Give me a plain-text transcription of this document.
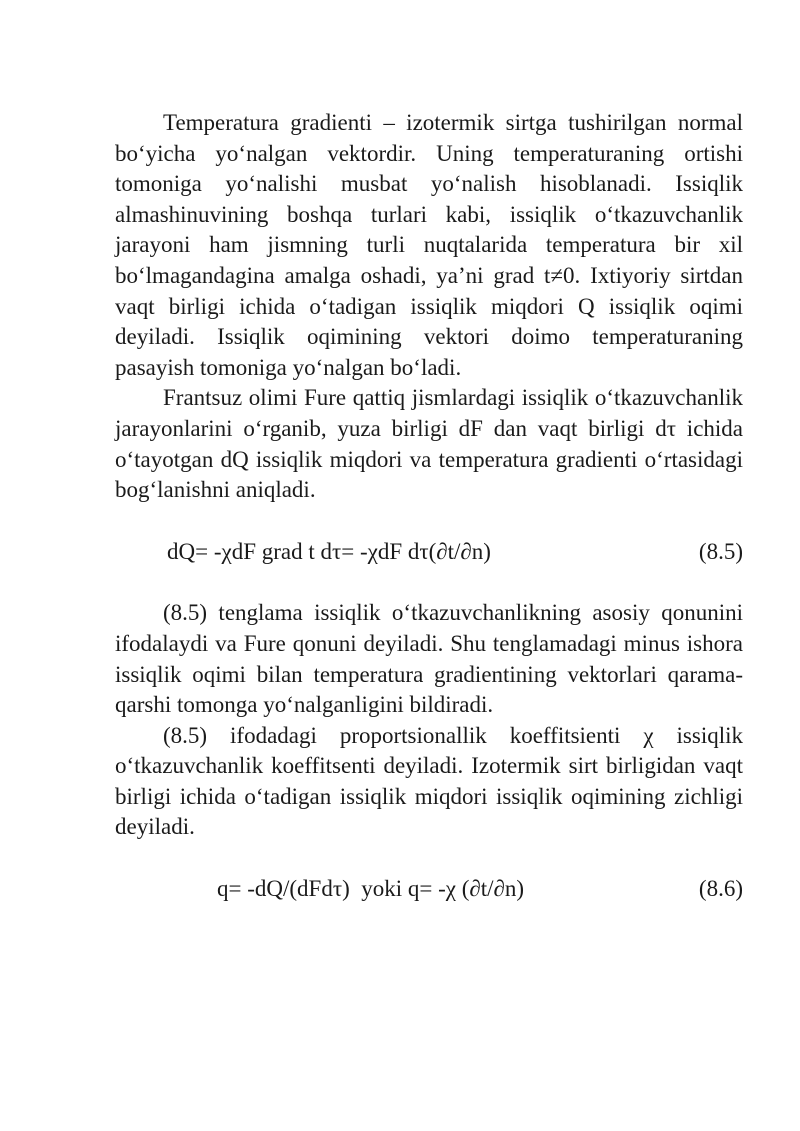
Temperatura gradienti – izotermik sirtga tushirilgan normal bo‘yicha yo‘nalgan vektordir. Uning temperaturaning ortishi tomoniga yo‘nalishi musbat yo‘nalish hisoblanadi. Issiqlik almashinuvining boshqa turlari kabi, issiqlik o‘tkazuvchanlik jarayoni ham jismning turli nuqtalarida temperatura bir xil bo‘lmagandagina amalga oshadi, ya’ni grad t≠0. Ixtiyoriy sirtdan vaqt birligi ichida o‘tadigan issiqlik miqdori Q issiqlik oqimi deyiladi. Issiqlik oqimining vektori doimo temperaturaning pasayish tomoniga yo‘nalgan bo‘ladi.

Frantsuz olimi Fure qattiq jismlardagi issiqlik o‘tkazuvchanlik jarayonlarini o‘rganib, yuza birligi dF dan vaqt birligi dτ ichida o‘tayotgan dQ issiqlik miqdori va temperatura gradienti o‘rtasidagi bog‘lanishni aniqladi.

dQ= -χdF grad t dτ= -χdF dτ(∂t/∂n)	(8.5)

(8.5) tenglama issiqlik o‘tkazuvchanlikning asosiy qonunini ifodalaydi va Fure qonuni deyiladi. Shu tenglamadagi minus ishora issiqlik oqimi bilan temperatura gradientining vektorlari qarama-qarshi tomonga yo‘nalganligini bildiradi.

(8.5) ifodadagi proportsionallik koeffitsienti χ issiqlik o‘tkazuvchanlik koeffitsenti deyiladi. Izotermik sirt birligidan vaqt birligi ichida o‘tadigan issiqlik miqdori issiqlik oqimining zichligi deyiladi.

q= -dQ/(dFdτ)  yoki q= -χ (∂t/∂n)	(8.6)
